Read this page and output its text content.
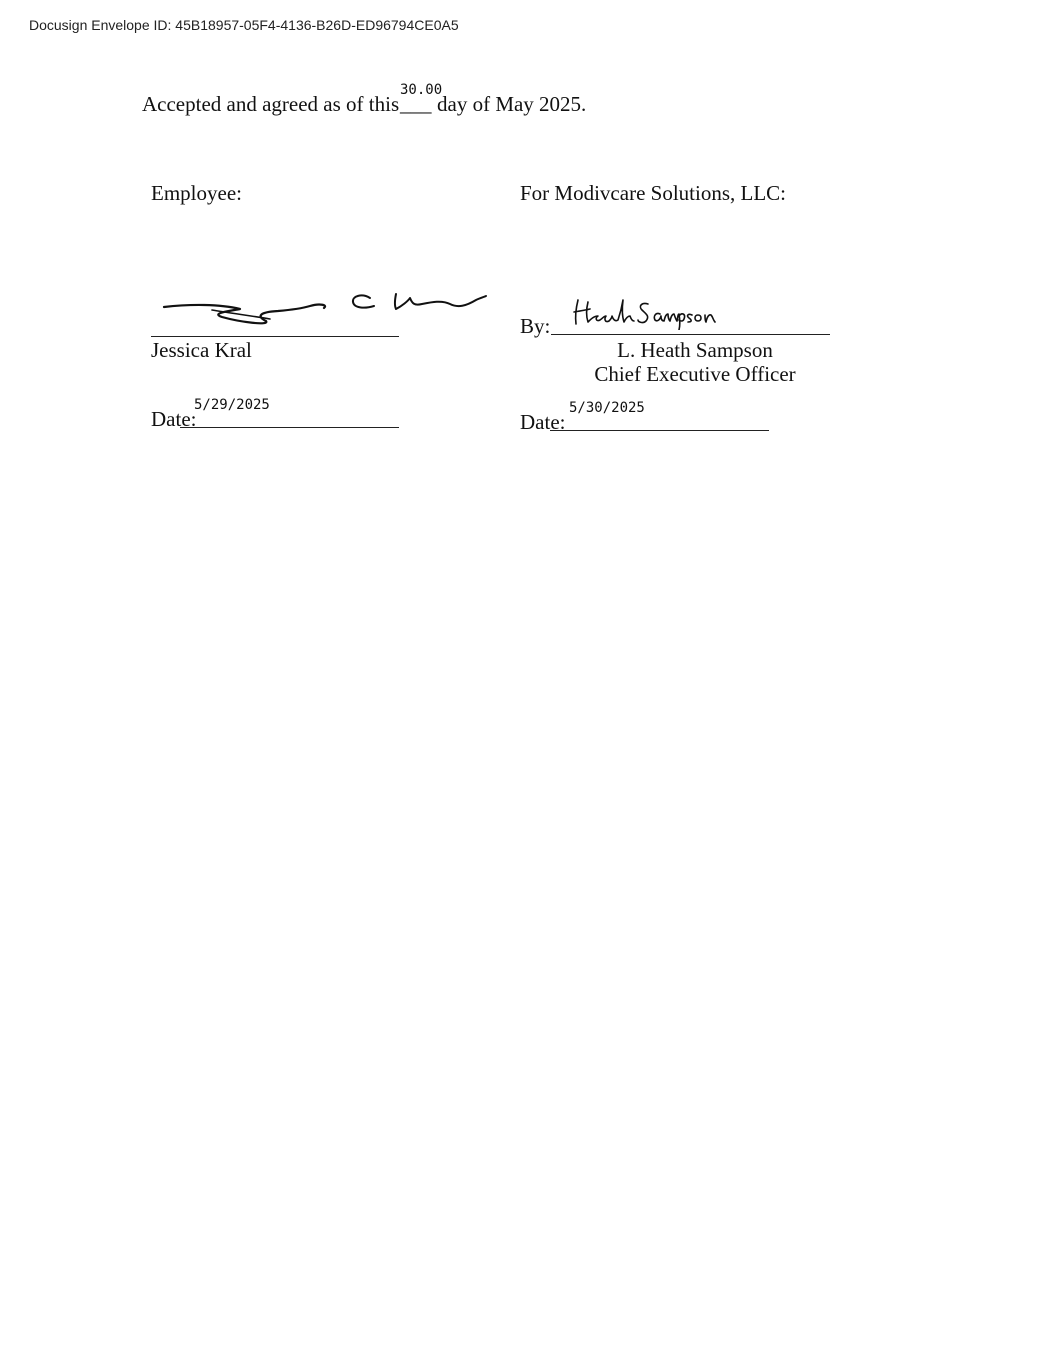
Docusign Envelope ID: 45B18957-05F4-4136-B26D-ED96794CE0A5
Accepted and agreed as of this
30.00
___ day of May 2025.
Employee:	For Modivcare Solutions, LLC:
Jessica Kral
By:
L. Heath Sampson
Chief Executive Officer
Date:
5/29/2025
Date:
5/30/2025
